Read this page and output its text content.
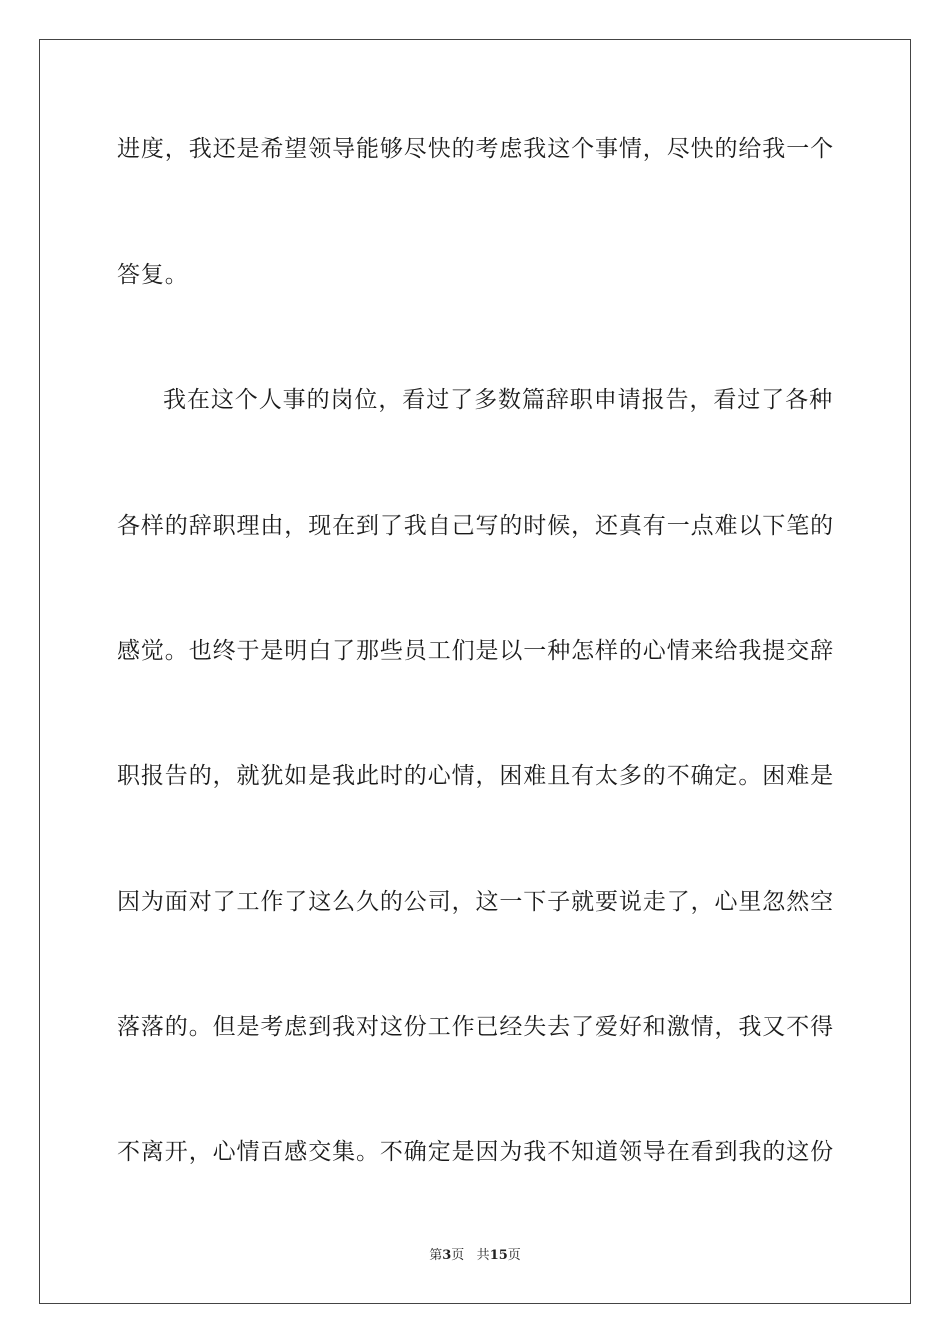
进度，我还是希望领导能够尽快的考虑我这个事情，尽快的给我一个
答复。
我在这个人事的岗位，看过了多数篇辞职申请报告，看过了各种
各样的辞职理由，现在到了我自己写的时候，还真有一点难以下笔的
感觉。也终于是明白了那些员工们是以一种怎样的心情来给我提交辞
职报告的，就犹如是我此时的心情，困难且有太多的不确定。困难是
因为面对了工作了这么久的公司，这一下子就要说走了，心里忽然空
落落的。但是考虑到我对这份工作已经失去了爱好和激情，我又不得
不离开，心情百感交集。不确定是因为我不知道领导在看到我的这份
第3页 共15页
